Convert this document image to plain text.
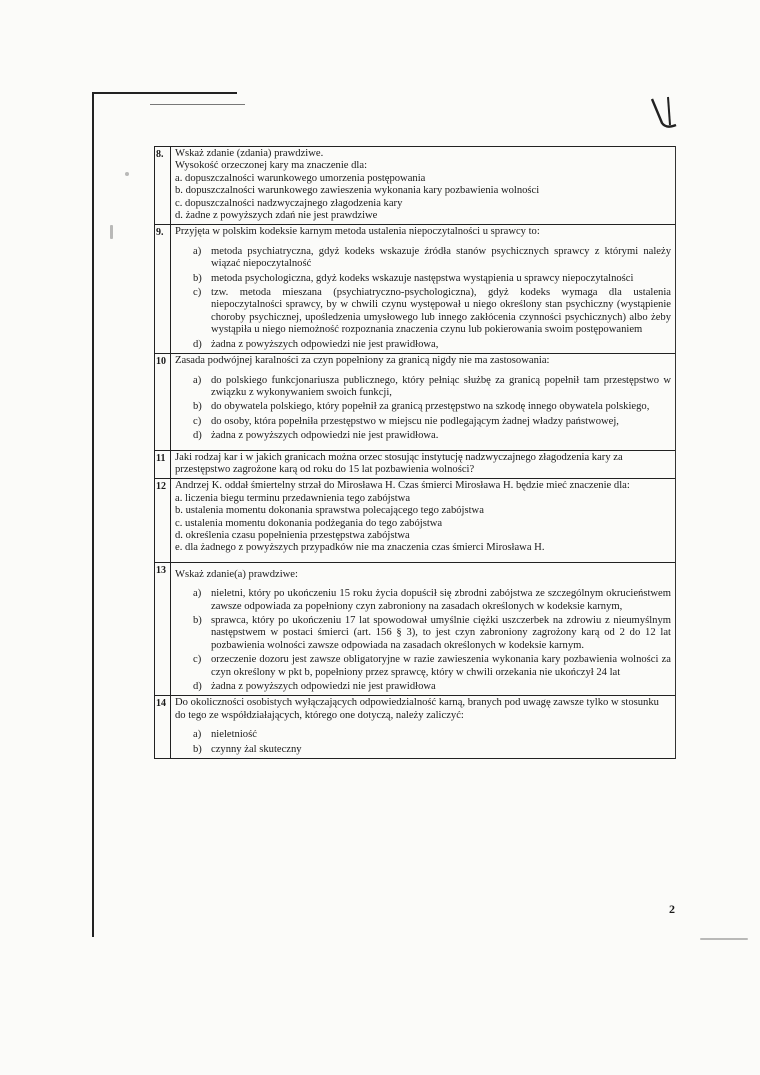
8.	Wskaż zdanie (zdania) prawdziwe.

Wysokość orzeczonej kary ma znaczenie dla:

a. dopuszczalności warunkowego umorzenia postępowania

b. dopuszczalności warunkowego zawieszenia wykonania kary pozbawienia wolności

c. dopuszczalności nadzwyczajnego złagodzenia kary

d. żadne z powyższych zdań nie jest prawdziwe

9.	Przyjęta w polskim kodeksie karnym metoda ustalenia niepoczytalności u sprawcy to:

a) metoda psychiatryczna, gdyż kodeks wskazuje źródła stanów psychicznych sprawcy z którymi należy wiązać niepoczytalność
b) metoda psychologiczna, gdyż kodeks wskazuje następstwa wystąpienia u sprawcy niepoczytalności
c) tzw. metoda mieszana (psychiatryczno-psychologiczna), gdyż kodeks wymaga dla ustalenia niepoczytalności sprawcy, by w chwili czynu występował u niego określony stan psychiczny (wystąpienie choroby psychicznej, upośledzenia umysłowego lub innego zakłócenia czynności psychicznych) albo żeby wystąpiła u niego niemożność rozpoznania znaczenia czynu lub pokierowania swoim postępowaniem
d) żadna z powyższych odpowiedzi nie jest prawidłowa,
10 Zasada podwójnej karalności za czyn popełniony za granicą nigdy nie ma zastosowania:

a) do polskiego funkcjonariusza publicznego, który pełniąc służbę za granicą popełnił tam przestępstwo w związku z wykonywaniem swoich funkcji,
b) do obywatela polskiego, który popełnił za granicą przestępstwo na szkodę innego obywatela polskiego,
c) do osoby, która popełniła przestępstwo w miejscu nie podlegającym żadnej władzy państwowej,
d) żadna z powyższych odpowiedzi nie jest prawidłowa.
11 Jaki rodzaj kar i w jakich granicach można orzec stosując instytucję nadzwyczajnego złagodzenia kary za przestępstwo zagrożone karą od roku do 15 lat pozbawienia wolności?

12 Andrzej K. oddał śmiertelny strzał do Mirosława H. Czas śmierci Mirosława H. będzie mieć znaczenie dla:

a. liczenia biegu terminu przedawnienia tego zabójstwa

b. ustalenia momentu dokonania sprawstwa polecającego tego zabójstwa

c. ustalenia momentu dokonania podżegania do tego zabójstwa

d. określenia czasu popełnienia przestępstwa zabójstwa

e. dla żadnego z powyższych przypadków nie ma znaczenia czas śmierci Mirosława H.

13 Wskaż zdanie(a) prawdziwe:

a) nieletni, który po ukończeniu 15 roku życia dopuścił się zbrodni zabójstwa ze szczególnym okrucieństwem zawsze odpowiada za popełniony czyn zabroniony na zasadach określonych w kodeksie karnym,
b) sprawca, który po ukończeniu 17 lat spowodował umyślnie ciężki uszczerbek na zdrowiu z nieumyślnym następstwem w postaci śmierci (art. 156 § 3), to jest czyn zabroniony zagrożony karą od 2 do 12 lat pozbawienia wolności zawsze odpowiada na zasadach określonych w kodeksie karnym.
c) orzeczenie dozoru jest zawsze obligatoryjne w razie zawieszenia wykonania kary pozbawienia wolności za czyn określony w pkt b, popełniony przez sprawcę, który w chwili orzekania nie ukończył 24 lat
d) żadna z powyższych odpowiedzi nie jest prawidłowa
14 Do okoliczności osobistych wyłączających odpowiedzialność karną, branych pod uwagę zawsze tylko w stosunku do tego ze współdziałających, którego one dotyczą, należy zaliczyć:

a) nieletniość
b) czynny żal skuteczny
2
